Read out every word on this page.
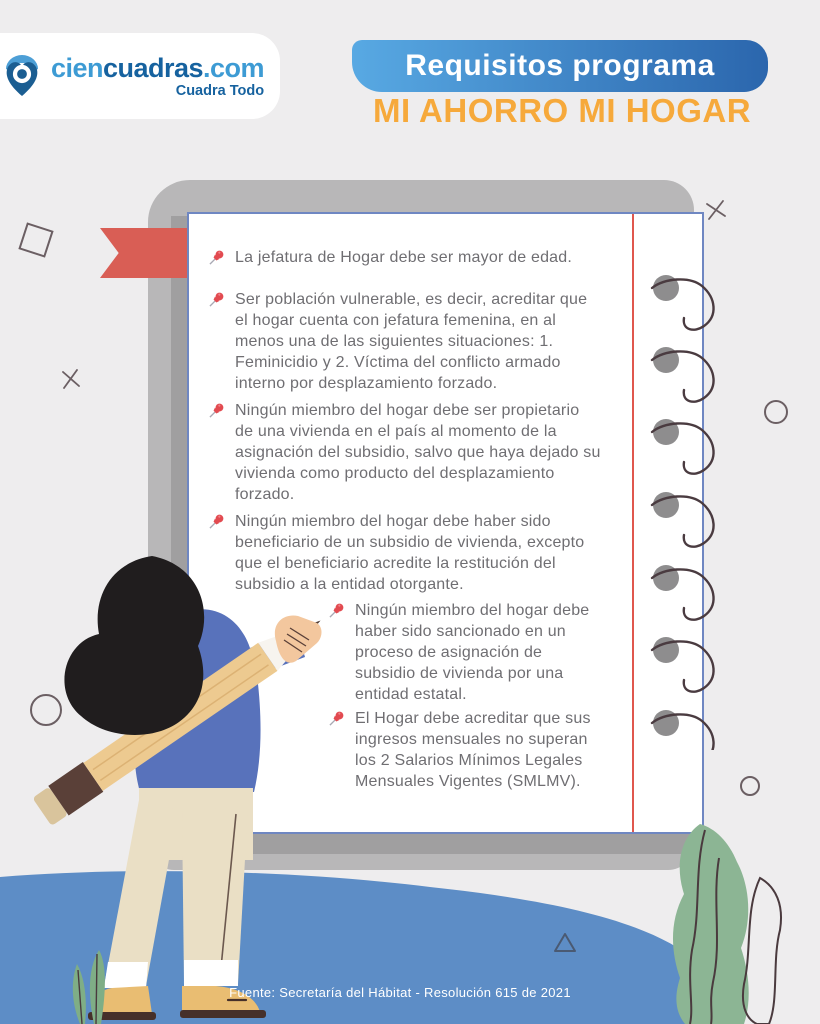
La jefatura de Hogar debe ser mayor de edad.
Ser población vulnerable, es decir, acreditar que el hogar cuenta con jefatura femenina, en al menos una de las siguientes situaciones: 1. Feminicidio y 2. Víctima del conflicto armado interno por desplazamiento forzado.
Ningún miembro del hogar debe ser propietario de una vivienda en el país al momento de la asignación del subsidio, salvo que haya dejado su vivienda como producto del desplazamiento forzado.
Ningún miembro del hogar debe haber sido beneficiario de un subsidio de vivienda, excepto que el beneficiario acredite la restitución del subsidio a la entidad otorgante.
Ningún miembro del hogar debe haber sido sancionado en un proceso de asignación de subsidio de vivienda por una entidad estatal.
El Hogar debe acreditar que sus ingresos mensuales no superan los 2 Salarios Mínimos Legales Mensuales Vigentes (SMLMV).
ciencuadras.com
Cuadra Todo
Requisitos programa
MI AHORRO MI HOGAR
Fuente: Secretaría del Hábitat - Resolución 615 de 2021
